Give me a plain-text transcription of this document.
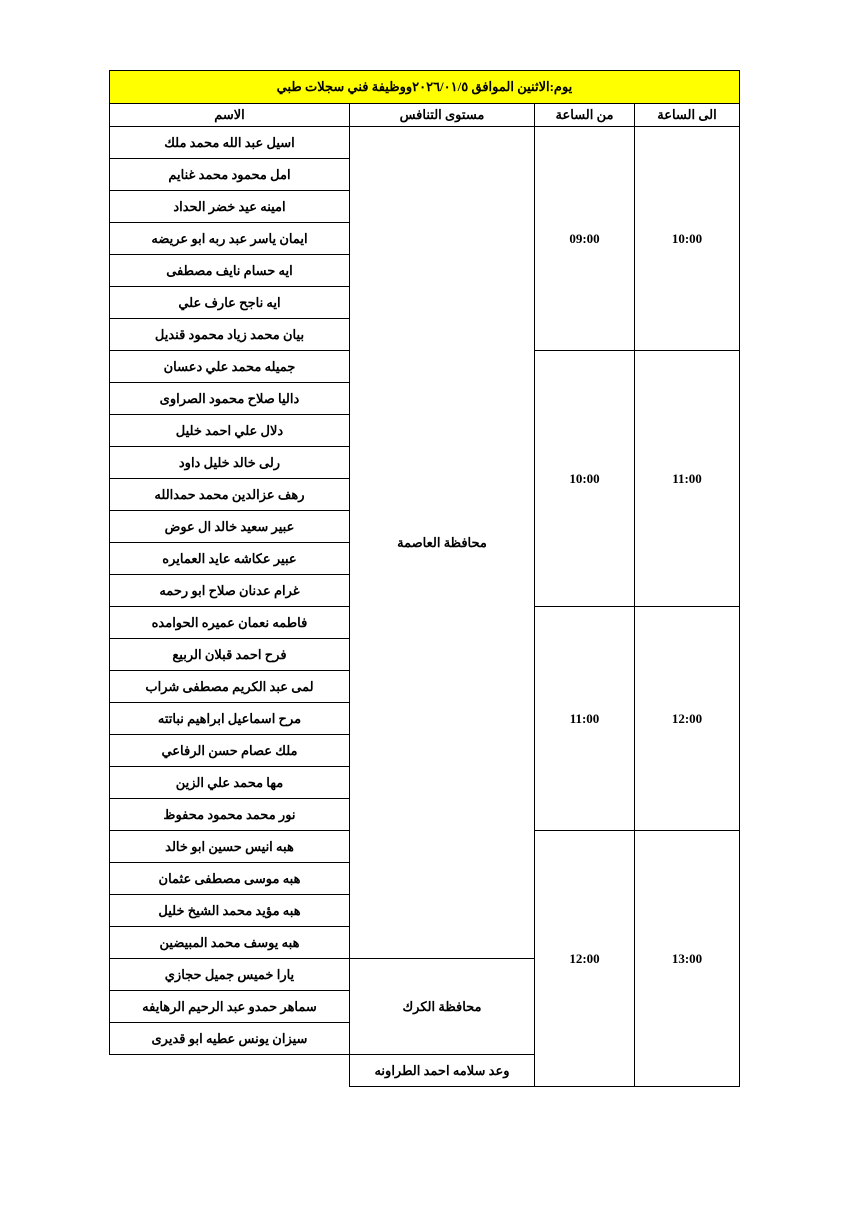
يوم:الاثنين الموافق ٢٠٢٦/٠١/٥ووظيفة فني سجلات طبي			
الى الساعة	من الساعة	مستوى التنافس	الاسم
10:00	09:00	محافظة العاصمة	اسيل عبد الله محمد ملك
			امل محمود محمد غنايم
			امينه عيد خضر الحداد
			ايمان ياسر عبد ربه ابو عريضه
			ايه حسام نايف مصطفى
			ايه ناجح عارف علي
			بيان محمد زياد محمود قنديل
11:00	10:00		جميله محمد علي دعسان
			داليا صلاح محمود الصراوى
			دلال علي احمد خليل
			رلى خالد خليل داود
			رهف عزالدين محمد حمدالله
			عبير سعيد خالد ال عوض
			عبير عكاشه عايد العمايره
			غرام عدنان صلاح ابو رحمه
12:00	11:00		فاطمه نعمان عميره الحوامده
			فرح احمد قبلان الربيع
			لمى عبد الكريم مصطفى شراب
			مرح اسماعيل ابراهيم نباتته
			ملك عصام حسن الرفاعي
			مها محمد علي الزين
			نور محمد محمود محفوظ
13:00	12:00		هبه انيس حسين ابو خالد
			هبه موسى مصطفى عثمان
			هبه مؤيد محمد الشيخ خليل
			هبه يوسف محمد المبيضين
		محافظة الكرك	يارا خميس جميل حجازي
			سماهر حمدو عبد الرحيم الرهايفه
			سيزان يونس عطيه ابو قديرى
		وعد سلامه احمد الطراونه	
